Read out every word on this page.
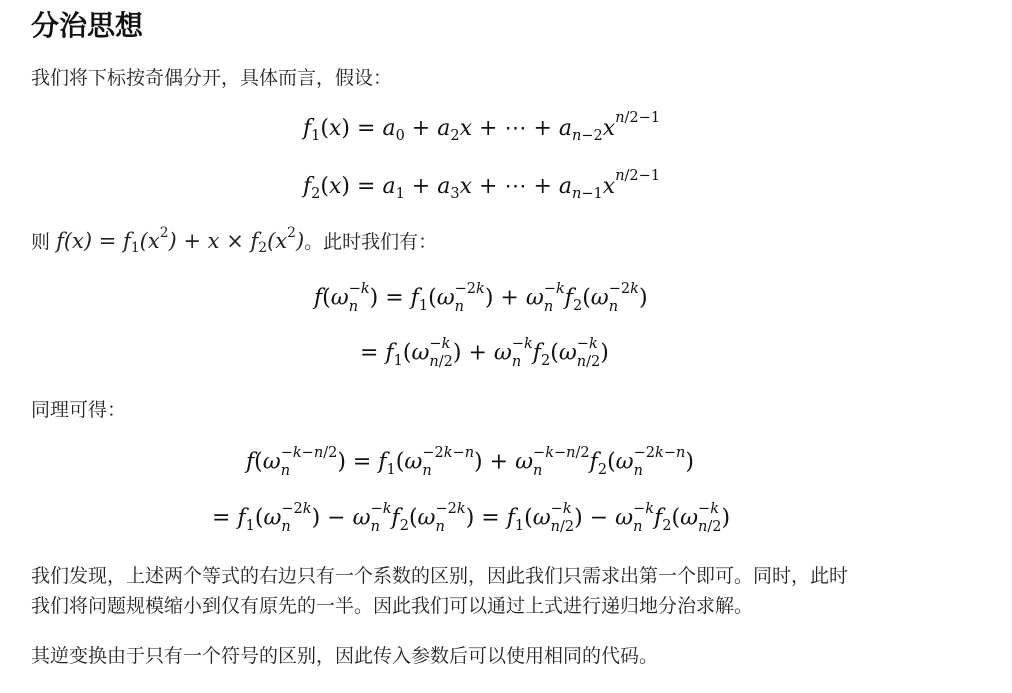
分治思想

我们将下标按奇偶分开，具体而言，假设：

$f_1(x) = a_0 + a_2x$ + ⋯ + $a_{n-2}x^{n/2-1}$
$f_2(x) = a_1 + a_3x$ + ⋯ + $a_{n-1}x^{n/2-1}$

则 $f(x) = f_1(x^2) + x \times f_2(x^2)$。此时我们有：

f(ω −k
n ) = $f_1(\omega -2k$
n ) + ω −k
n $f_2(\omega -2k$
n )
= $f_1(\omega -k$
n/2 ) + ω −k
n $f_2(\omega -k$
n/2 )

同理可得：

f(ω −k−n/2
n	) = $f_1(\omega -2k-n$
n	) + ω −k−n/2
n	$f_2(\omega -2k-n$
n	)
= $f_1(\omega -2k$
n ) − ω −k
n $f_2(\omega -2k$
n ) = $f_1(\omega -k$
n/2 ) − ω −k
n $f_2(\omega -k$
n/2 )

我们发现，上述两个等式的右边只有一个系数的区别，因此我们只需求出第一个即可。同时，此时

我们将问题规模缩小到仅有原先的一半。因此我们可以通过上式进行递归地分治求解。

其逆变换由于只有一个符号的区别，因此传入参数后可以使用相同的代码。
